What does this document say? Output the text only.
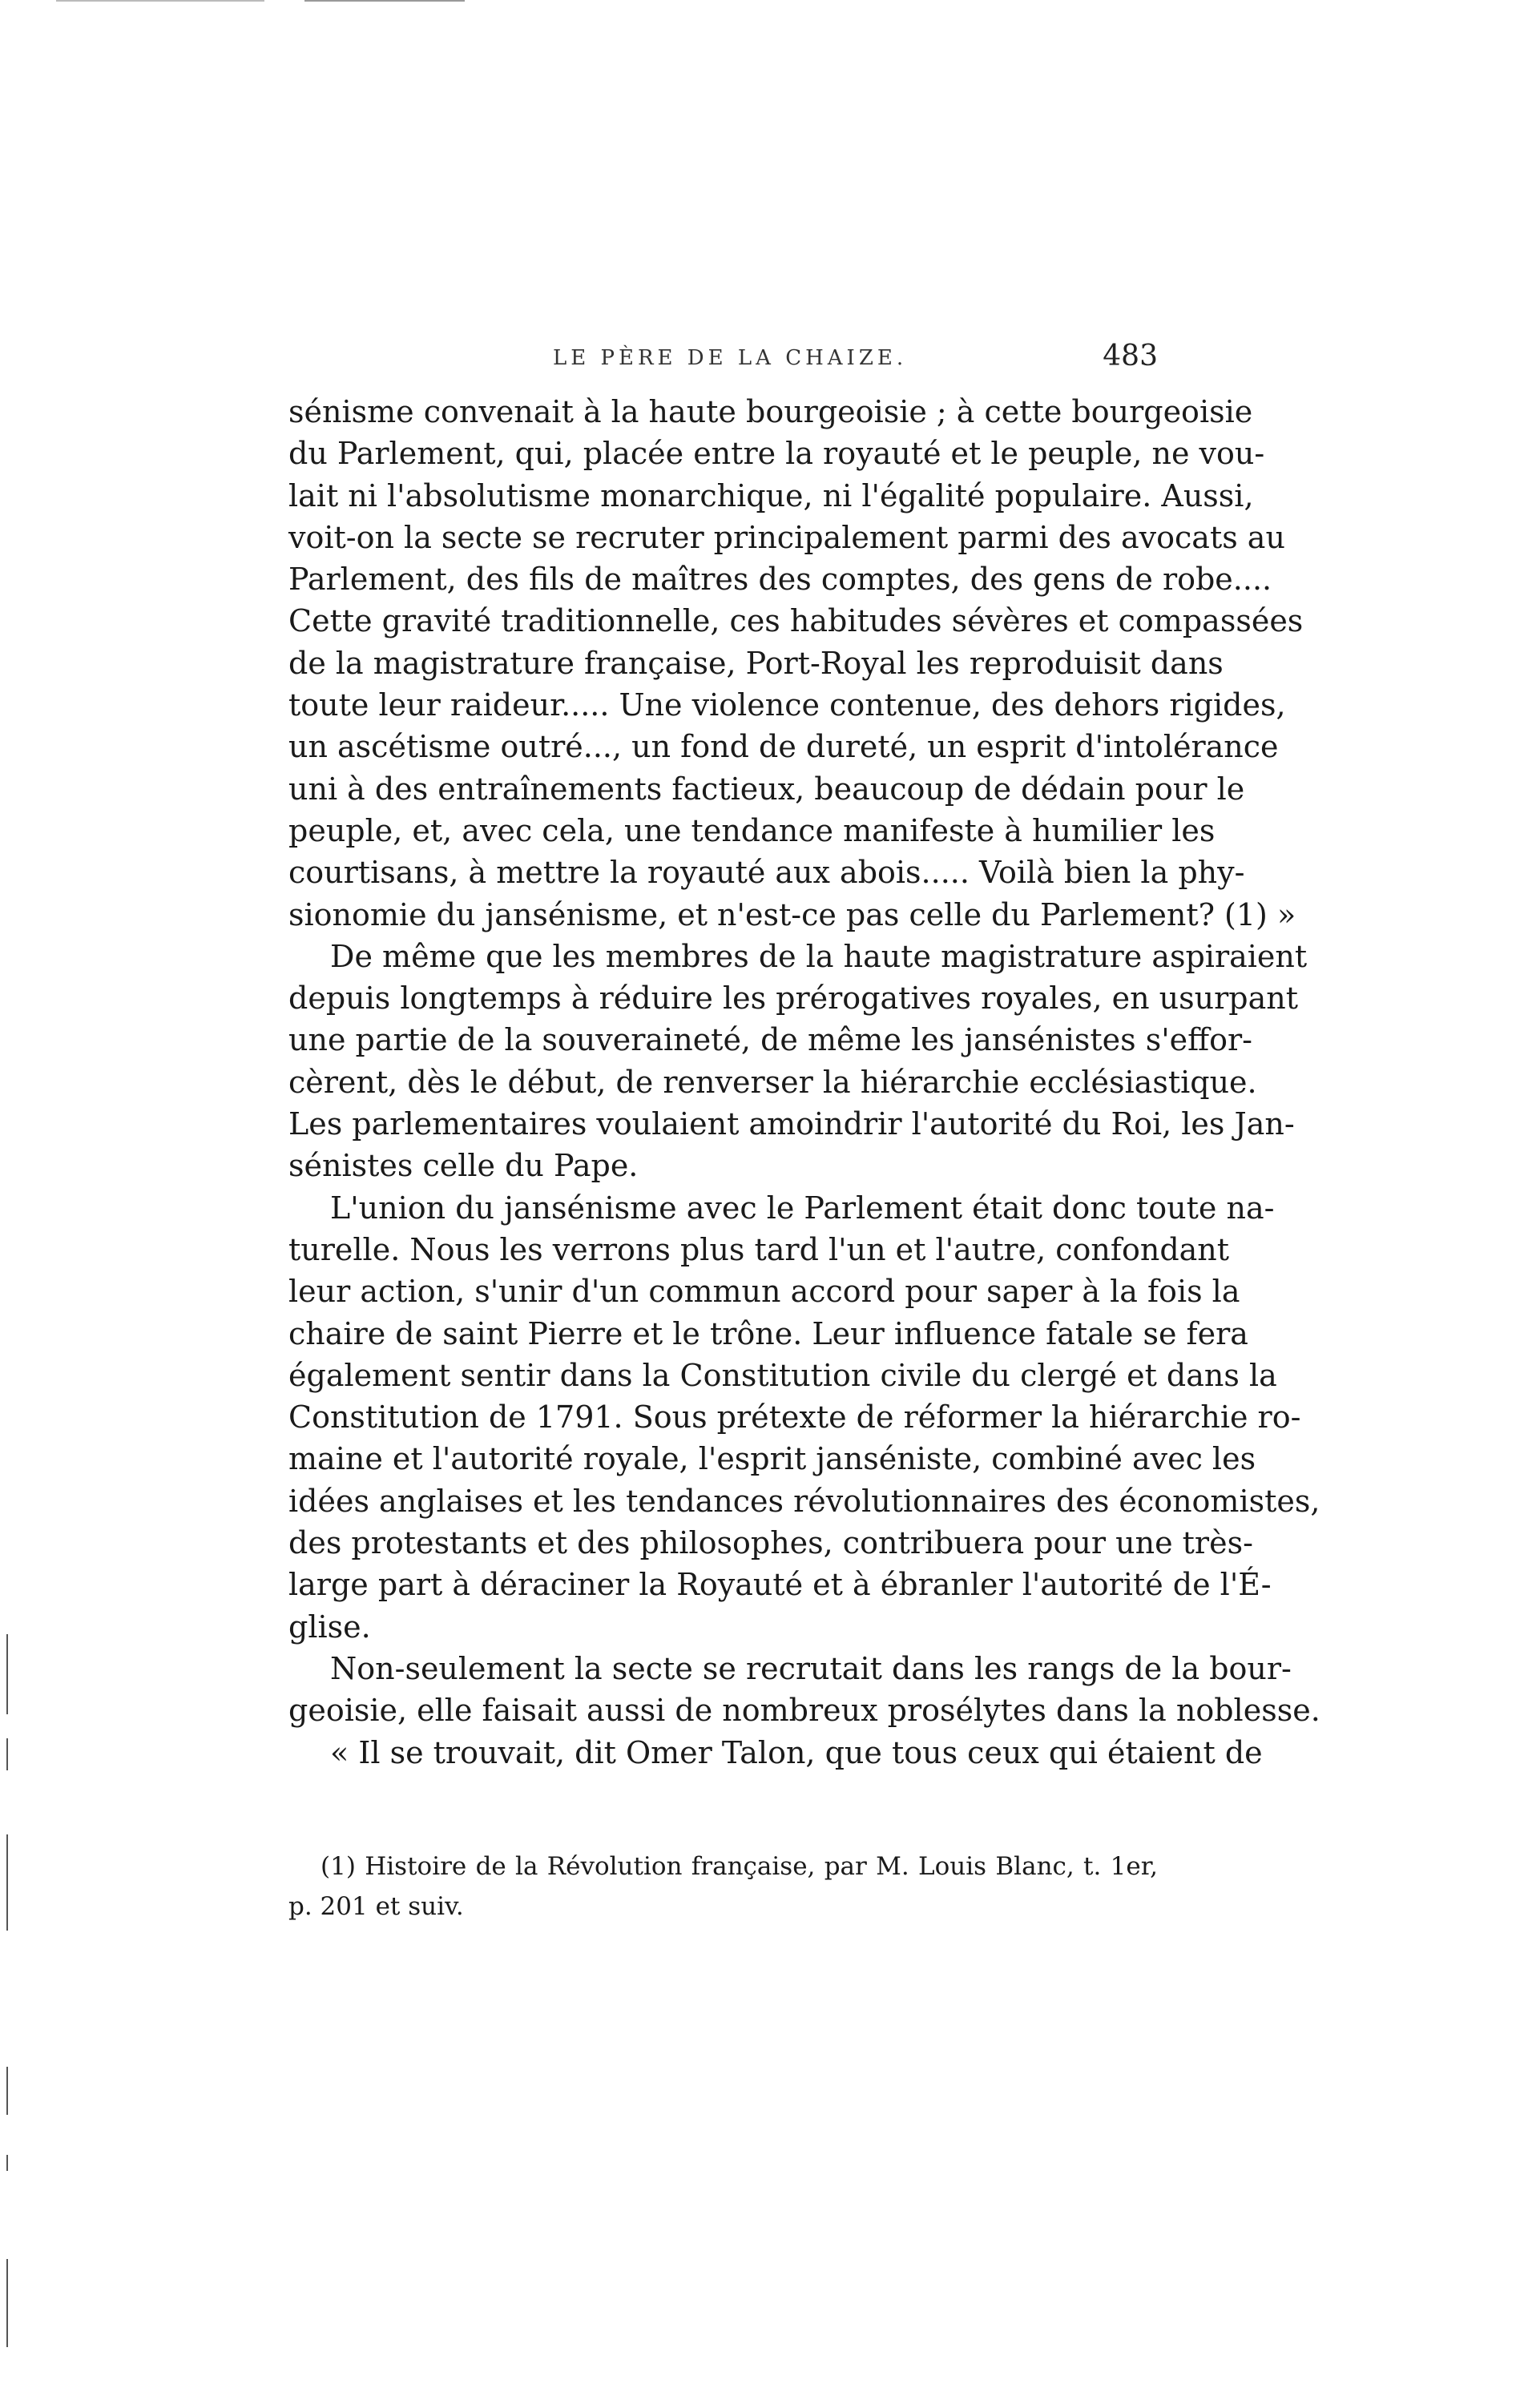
LE PÈRE DE LA CHAIZE.	483
sénisme convenait à la haute bourgeoisie ; à cette bourgeoisie
du Parlement, qui, placée entre la royauté et le peuple, ne vou-
lait ni l'absolutisme monarchique, ni l'égalité populaire. Aussi,
voit-on la secte se recruter principalement parmi des avocats au
Parlement, des fils de maîtres des comptes, des gens de robe....
Cette gravité traditionnelle, ces habitudes sévères et compassées
de la magistrature française, Port-Royal les reproduisit dans
toute leur raideur..... Une violence contenue, des dehors rigides,
un ascétisme outré..., un fond de dureté, un esprit d'intolérance
uni à des entraînements factieux, beaucoup de dédain pour le
peuple, et, avec cela, une tendance manifeste à humilier les
courtisans, à mettre la royauté aux abois..... Voilà bien la phy-
sionomie du jansénisme, et n'est-ce pas celle du Parlement? (1) »
De même que les membres de la haute magistrature aspiraient
depuis longtemps à réduire les prérogatives royales, en usurpant
une partie de la souveraineté, de même les jansénistes s'effor-
cèrent, dès le début, de renverser la hiérarchie ecclésiastique.
Les parlementaires voulaient amoindrir l'autorité du Roi, les Jan-
sénistes celle du Pape.
L'union du jansénisme avec le Parlement était donc toute na-
turelle. Nous les verrons plus tard l'un et l'autre, confondant
leur action, s'unir d'un commun accord pour saper à la fois la
chaire de saint Pierre et le trône. Leur influence fatale se fera
également sentir dans la Constitution civile du clergé et dans la
Constitution de 1791. Sous prétexte de réformer la hiérarchie ro-
maine et l'autorité royale, l'esprit janséniste, combiné avec les
idées anglaises et les tendances révolutionnaires des économistes,
des protestants et des philosophes, contribuera pour une très-
large part à déraciner la Royauté et à ébranler l'autorité de l'É-
glise.
Non-seulement la secte se recrutait dans les rangs de la bour-
geoisie, elle faisait aussi de nombreux prosélytes dans la noblesse.
« Il se trouvait, dit Omer Talon, que tous ceux qui étaient de
(1) Histoire de la Révolution française, par M. Louis Blanc, t. 1er,
p. 201 et suiv.
